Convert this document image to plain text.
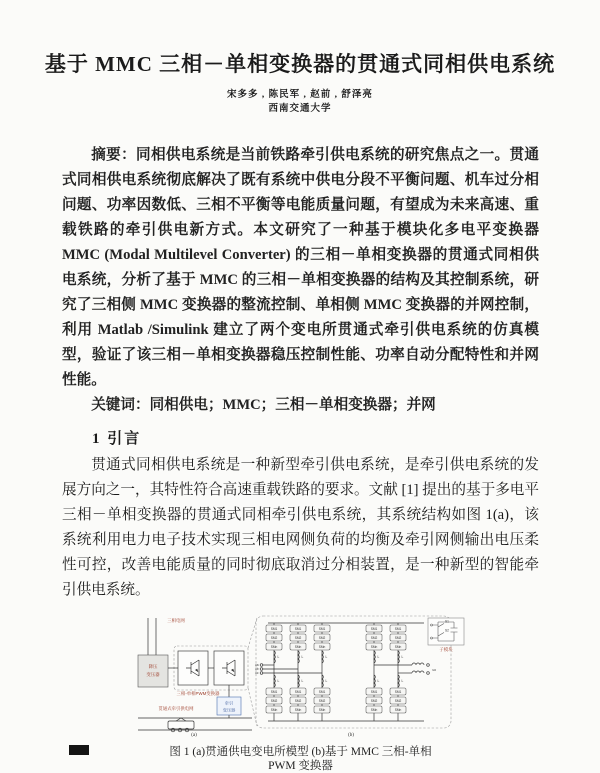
基于 MMC 三相－单相变换器的贯通式同相供电系统
宋多多 , 陈民军 , 赵前 , 舒泽亮
西南交通大学

摘要：同相供电系统是当前铁路牵引供电系统的研究焦点之一。贯通式同相供电系统彻底解决了既有系统中供电分段不平衡问题、机车过分相问题、功率因数低、三相不平衡等电能质量问题，有望成为未来高速、重载铁路的牵引供电新方式。本文研究了一种基于模块化多电平变换器 MMC (Modal Multilevel Converter) 的三相－单相变换器的贯通式同相供电系统，分析了基于 MMC 的三相－单相变换器的结构及其控制系统，研究了三相侧 MMC 变换器的整流控制、单相侧 MMC 变换器的并网控制，利用 Matlab /Simulink 建立了两个变电所贯通式牵引供电系统的仿真模型，验证了该三相－单相变换器稳压控制性能、功率自动分配特性和并网性能。

关键词：同相供电；MMC；三相－单相变换器；并网

1 引言

贯通式同相供电系统是一种新型牵引供电系统，是牵引供电系统的发展方向之一，其特性符合高速重载铁路的要求。文献 [1] 提出的基于多电平三相－单相变换器的贯通式同相牵引供电系统，其系统结构如图 1(a)，该系统利用电力电子技术实现三相电网侧负荷的均衡及牵引网侧输出电压柔性可控，改善电能质量的同时彻底取消过分相装置，是一种新型的智能牵引供电系统。

三相电网
降压
变压器
三相-单相PWM变换器
牵引
变压器
贯通式牵引供电网
(a)
L
L
SM1
SM2
SMn
SM1
SM2
SMn
L
L
SM1
SM2
SMn
SM1
SM2
SMn
L
L
SM1
SM2
SMn
SM1
SM2
SMn
L
L
SM1
SM2
SMn
SM1
SM2
SMn
L
L
SM1
SM2
SMn
SM1
SM2
SMn
ua
ub
uc
uo
S1
S2
子模块
(b)
图 1 (a)贯通供电变电所模型 (b)基于 MMC 三相-单相
PWM 变换器
